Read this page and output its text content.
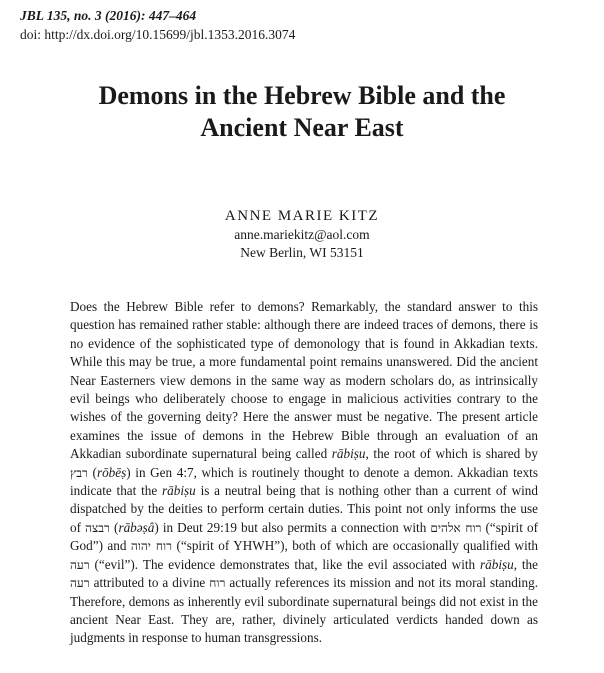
JBL 135, no. 3 (2016): 447–464
doi: http://dx.doi.org/10.15699/jbl.1353.2016.3074
Demons in the Hebrew Bible and the
Ancient Near East
ANNE MARIE KITZ
anne.mariekitz@aol.com
New Berlin, WI 53151
Does the Hebrew Bible refer to demons? Remarkably, the standard answer to this question has remained rather stable: although there are indeed traces of demons, there is no evidence of the sophisticated type of demonology that is found in Akkadian texts. While this may be true, a more fundamental point remains unanswered. Did the ancient Near Easterners view demons in the same way as modern scholars do, as intrinsically evil beings who deliberately choose to engage in malicious activities contrary to the wishes of the governing deity? Here the answer must be negative. The present article examines the issue of demons in the Hebrew Bible through an evaluation of an Akkadian subordinate supernatural being called rābiṣu, the root of which is shared by רבץ (rōbēṣ) in Gen 4:7, which is routinely thought to denote a demon. Akkadian texts indicate that the rābiṣu is a neutral being that is nothing other than a current of wind dispatched by the deities to perform certain duties. This point not only informs the use of רבצה (rābəṣâ) in Deut 29:19 but also permits a connection with רוח אלהים (“spirit of God”) and רוח יהוה (“spirit of YHWH”), both of which are occasionally qualified with רעה (“evil”). The evidence demonstrates that, like the evil associated with rābiṣu, the רעה attributed to a divine רוח actually references its mission and not its moral standing. Therefore, demons as inherently evil subordinate supernatural beings did not exist in the ancient Near East. They are, rather, divinely articulated verdicts handed down as judgments in response to human transgressions.
